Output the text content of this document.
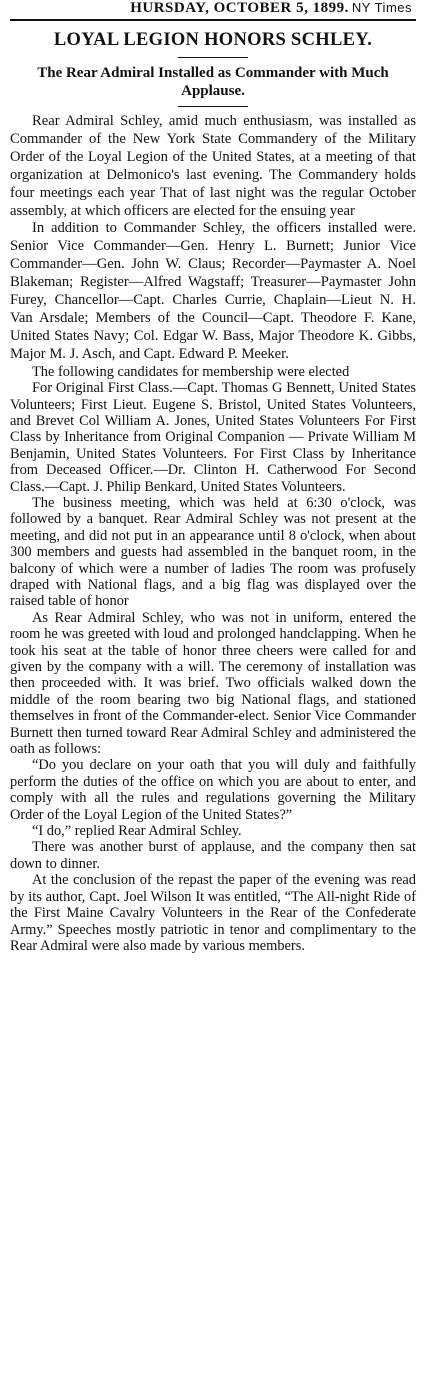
HURSDAY, OCTOBER 5, 1899. NY Times
LOYAL LEGION HONORS SCHLEY.
The Rear Admiral Installed as Commander with Much Applause.

Rear Admiral Schley, amid much enthusiasm, was installed as Commander of the New York State Commandery of the Military Order of the Loyal Legion of the United States, at a meeting of that organization at Delmonico's last evening. The Commandery holds four meetings each year That of last night was the regular October assembly, at which officers are elected for the ensuing year

In addition to Commander Schley, the officers installed were. Senior Vice Commander—Gen. Henry L. Burnett; Junior Vice Commander—Gen. John W. Claus; Recorder—Paymaster A. Noel Blakeman; Register—Alfred Wagstaff; Treasurer—Paymaster John Furey, Chancellor—Capt. Charles Currie, Chaplain—Lieut N. H. Van Arsdale; Members of the Council—Capt. Theodore F. Kane, United States Navy; Col. Edgar W. Bass, Major Theodore K. Gibbs, Major M. J. Asch, and Capt. Edward P. Meeker.

The following candidates for membership were elected

For Original First Class.—Capt. Thomas G Bennett, United States Volunteers; First Lieut. Eugene S. Bristol, United States Volunteers, and Brevet Col William A. Jones, United States Volunteers For First Class by Inheritance from Original Companion — Private William M Benjamin, United States Volunteers. For First Class by Inheritance from Deceased Officer.—Dr. Clinton H. Catherwood For Second Class.—Capt. J. Philip Benkard, United States Volunteers.

The business meeting, which was held at 6:30 o'clock, was followed by a banquet. Rear Admiral Schley was not present at the meeting, and did not put in an appearance until 8 o'clock, when about 300 members and guests had assembled in the banquet room, in the balcony of which were a number of ladies The room was profusely draped with National flags, and a big flag was displayed over the raised table of honor

As Rear Admiral Schley, who was not in uniform, entered the room he was greeted with loud and prolonged handclapping. When he took his seat at the table of honor three cheers were called for and given by the company with a will. The ceremony of installation was then proceeded with. It was brief. Two officials walked down the middle of the room bearing two big National flags, and stationed themselves in front of the Commander-elect. Senior Vice Commander Burnett then turned toward Rear Admiral Schley and administered the oath as follows:

“Do you declare on your oath that you will duly and faithfully perform the duties of the office on which you are about to enter, and comply with all the rules and regulations governing the Military Order of the Loyal Legion of the United States?”

“I do,” replied Rear Admiral Schley.

There was another burst of applause, and the company then sat down to dinner.

At the conclusion of the repast the paper of the evening was read by its author, Capt. Joel Wilson It was entitled, “The All-night Ride of the First Maine Cavalry Volunteers in the Rear of the Confederate Army.” Speeches mostly patriotic in tenor and complimentary to the Rear Admiral were also made by various members.
